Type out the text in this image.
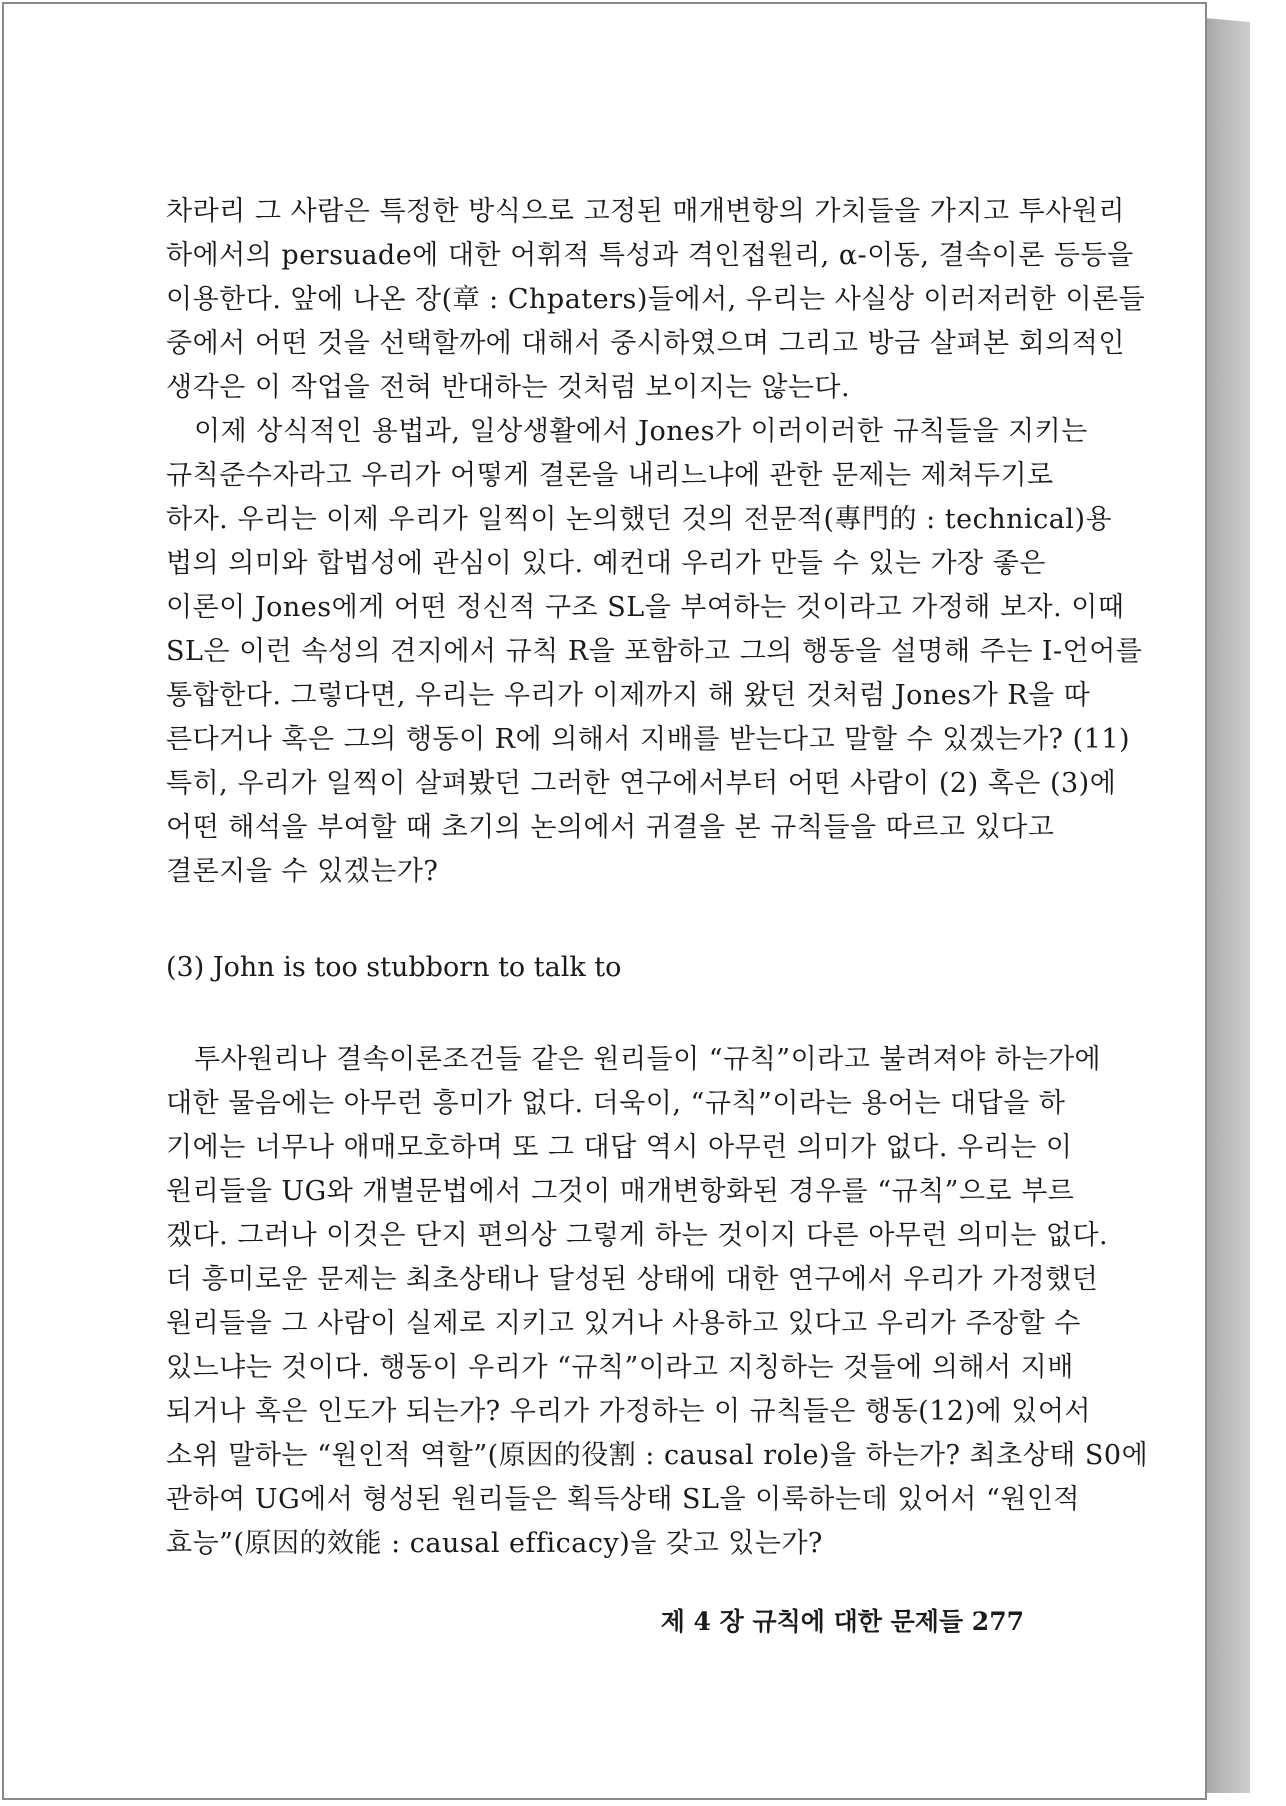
차라리 그 사람은 특정한 방식으로 고정된 매개변항의 가치들을 가지고 투사원리
하에서의 persuade에 대한 어휘적 특성과 격인접원리, α-이동, 결속이론 등등을
이용한다. 앞에 나온 장(章 : Chpaters)들에서, 우리는 사실상 이러저러한 이론들
중에서 어떤 것을 선택할까에 대해서 중시하였으며 그리고 방금 살펴본 회의적인
생각은 이 작업을 전혀 반대하는 것처럼 보이지는 않는다.
이제 상식적인 용법과, 일상생활에서 Jones가 이러이러한 규칙들을 지키는
규칙준수자라고 우리가 어떻게 결론을 내리느냐에 관한 문제는 제쳐두기로
하자. 우리는 이제 우리가 일찍이 논의했던 것의 전문적(專門的 : technical)용
법의 의미와 합법성에 관심이 있다. 예컨대 우리가 만들 수 있는 가장 좋은
이론이 Jones에게 어떤 정신적 구조 SL을 부여하는 것이라고 가정해 보자. 이때
SL은 이런 속성의 견지에서 규칙 R을 포함하고 그의 행동을 설명해 주는 I-언어를
통합한다. 그렇다면, 우리는 우리가 이제까지 해 왔던 것처럼 Jones가 R을 따
른다거나 혹은 그의 행동이 R에 의해서 지배를 받는다고 말할 수 있겠는가? (11)
특히, 우리가 일찍이 살펴봤던 그러한 연구에서부터 어떤 사람이 (2) 혹은 (3)에
어떤 해석을 부여할 때 초기의 논의에서 귀결을 본 규칙들을 따르고 있다고
결론지을 수 있겠는가?
(3) John is too stubborn to talk to
투사원리나 결속이론조건들 같은 원리들이 “규칙”이라고 불려져야 하는가에
대한 물음에는 아무런 흥미가 없다. 더욱이, “규칙”이라는 용어는 대답을 하
기에는 너무나 애매모호하며 또 그 대답 역시 아무런 의미가 없다. 우리는 이
원리들을 UG와 개별문법에서 그것이 매개변항화된 경우를 “규칙”으로 부르
겠다. 그러나 이것은 단지 편의상 그렇게 하는 것이지 다른 아무런 의미는 없다.
더 흥미로운 문제는 최초상태나 달성된 상태에 대한 연구에서 우리가 가정했던
원리들을 그 사람이 실제로 지키고 있거나 사용하고 있다고 우리가 주장할 수
있느냐는 것이다. 행동이 우리가 “규칙”이라고 지칭하는 것들에 의해서 지배
되거나 혹은 인도가 되는가? 우리가 가정하는 이 규칙들은 행동(12)에 있어서
소위 말하는 “원인적 역할”(原因的役割 : causal role)을 하는가? 최초상태 S0에
관하여 UG에서 형성된 원리들은 획득상태 SL을 이룩하는데 있어서 “원인적
효능”(原因的效能 : causal efficacy)을 갖고 있는가?
제 4 장 규칙에 대한 문제들 277
